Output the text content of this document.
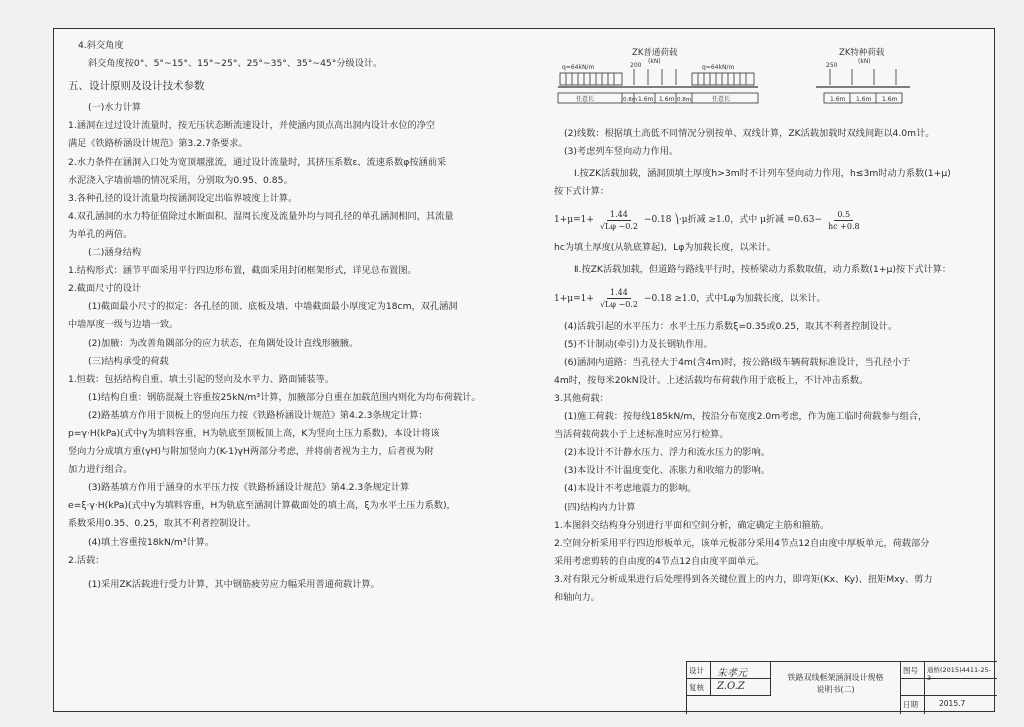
4.斜交角度
斜交角度按0°、5°~15°、15°~25°、25°~35°、35°~45°分级设计。
五、设计原则及设计技术参数
(一)水力计算
1.涵洞在过过设计流量时，按无压状态断流速设计，并使涵内顶点高出洞内设计水位的净空
满足《铁路桥涵设计规范》第3.2.7条要求。
2.水力条件在涵洞入口处为宽顶堰涨流，通过设计流量时，其挤压系数ε、流速系数φ按涵前采
水泥浇入字墙前墙的情况采用，分别取为0.95、0.85。
3.各种孔径的设计流量均按涵洞设定出临界坡度上计算。
4.双孔涵洞的水力特征值除过水断面积、湿周长度及流量外均与同孔径的单孔涵洞相同，其流量
为单孔的两倍。
(二)涵身结构
1.结构形式：涵节平面采用平行四边形布置，截面采用封闭框架形式，详见总布置图。
2.截面尺寸的设计
(1)截面最小尺寸的拟定：各孔径的顶、底板及墙、中墙截面最小厚度定为18cm，双孔涵洞
中墙厚度一级与边墙一致。
(2)加腋：为改善角隅部分的应力状态，在角隅处设计直线形腋腋。
(三)结构承受的荷载
1.恒载：包括结构自重、填土引起的竖向及水平力、路面铺装等。
(1)结构自重：钢筋混凝土容重按25kN/m³计算，加腋部分自重在加载范围内则化为均布荷载计。
(2)路基填方作用于顶板上的竖向压力按《铁路桥涵设计规范》第4.2.3条规定计算：
p=γ·H(kPa)(式中γ为填料容重，H为轨底至顶板顶上高，K为竖向土压力系数)，本设计将该
竖向力分成填方重(γH)与附加竖向力(K-1)γH两部分考虑，并将前者视为主力，后者视为附
加力进行组合。
(3)路基填方作用于涵身的水平压力按《铁路桥涵设计规范》第4.2.3条规定计算
e=ξ·γ·H(kPa)(式中γ为填料容重，H为轨底至涵洞计算截面处的填土高，ξ为水平土压力系数)，
系数采用0.35、0.25，取其不利者控制设计。
(4)填土容重按18kN/m³计算。
2.活载：
(1)采用ZK活载进行受力计算，其中钢筋疲劳应力幅采用普通荷载计算。
ZK普通荷载	ZK特种荷载
q=64kN/m	q=64kN/m
200
(kN)
任意长	0.8m 1.6m 1.6m 0.8m	任意长
250
(kN)
1.6m 1.6m 1.6m
(2)线数：根据填土高低不同情况分别按单、双线计算，ZK活载加载时双线间距以4.0m计。
(3)考虑列车竖向动力作用。
Ⅰ.按ZK活载加载，涵洞顶填土厚度h>3m时不计列车竖向动力作用，h≤3m时动力系数(1+μ)
按下式计算：
$1+\mu=1+ \frac{1.44}{√L\varphi -0.2} -0.18$ ⎞·μ折减 ≥1.0，式中 μ折减 $=0.63- \frac{0.5}{hc +0.8}$
hc为填土厚度(从轨底算起)，Lφ为加载长度，以米计。
Ⅱ.按ZK活载加载，但道路与路线平行时，按桥梁动力系数取值，动力系数(1+μ)按下式计算：
$1+\mu=1+ \frac{1.44}{√L\varphi -0.2} -0.18 \ge 1.0$，式中Lφ为加载长度，以米计。
(4)活载引起的水平压力：水平土压力系数ξ=0.35或0.25，取其不利者控制设计。
(5)不计制动(牵引)力及长钢轨作用。
(6)涵洞内道路：当孔径大于4m(含4m)时，按公路Ⅰ级车辆荷载标准设计，当孔径小于
4m时，按每米20kN设计。上述活载均布荷载作用于底板上，不计冲击系数。
3.其他荷载：
(1)施工荷载：按每线185kN/m，按沿分布宽度2.0m考虑，作为施工临时荷载参与组合，
当活荷载荷载小于上述标准时应另行检算。
(2)本设计不计静水压力、浮力和流水压力的影响。
(3)本设计不计温度变化、冻胀力和收缩力的影响。
(4)本设计不考虑地震力的影响。
(四)结构内力计算
1.本图斜交结构身分别进行平面和空间分析，确定确定主筋和箍筋。
2.空间分析采用平行四边形板单元，该单元板部分采用4节点12自由度中厚板单元，荷载部分
采用考虑剪转的自由度的4节点12自由度平面单元。
3.对有限元分析成果进行后处理得到各关键位置上的内力，即弯矩(Kx、Ky)、扭矩Mxy、剪力
和轴向力。
设计	朱孝元
复核	Z.O.Z
铁路双线框架涵洞设计规格
说明书(二)
图号	通桥(2015)4411-25-3
日期	2015.7
